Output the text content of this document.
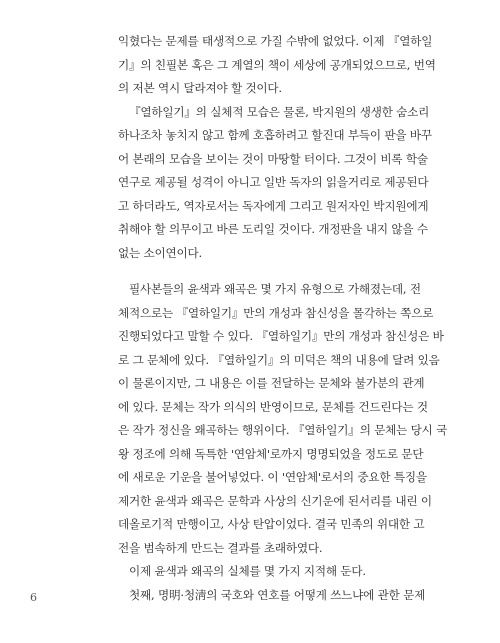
익혔다는 문제를 태생적으로 가질 수밖에 없었다. 이제 『열하일
기』의 친필본 혹은 그 계열의 책이 세상에 공개되었으므로, 번역
의 저본 역시 달라져야 할 것이다.
『열하일기』의 실체적 모습은 물론, 박지원의 생생한 숨소리
하나조차 놓치지 않고 함께 호흡하려고 할진대 부득이 판을 바꾸
어 본래의 모습을 보이는 것이 마땅할 터이다. 그것이 비록 학술
연구로 제공될 성격이 아니고 일반 독자의 읽을거리로 제공된다
고 하더라도, 역자로서는 독자에게 그리고 원저자인 박지원에게
취해야 할 의무이고 바른 도리일 것이다. 개정판을 내지 않을 수
없는 소이연이다.
필사본들의 윤색과 왜곡은 몇 가지 유형으로 가해졌는데, 전
체적으로는 『열하일기』만의 개성과 참신성을 몰각하는 쪽으로
진행되었다고 말할 수 있다. 『열하일기』만의 개성과 참신성은 바
로 그 문체에 있다. 『열하일기』의 미덕은 책의 내용에 달려 있음
이 물론이지만, 그 내용은 이를 전달하는 문체와 불가분의 관계
에 있다. 문체는 작가 의식의 반영이므로, 문체를 건드린다는 것
은 작가 정신을 왜곡하는 행위이다. 『열하일기』의 문체는 당시 국
왕 정조에 의해 독특한 '연암체'로까지 명명되었을 정도로 문단
에 새로운 기운을 불어넣었다. 이 '연암체'로서의 중요한 특징을
제거한 윤색과 왜곡은 문학과 사상의 신기운에 된서리를 내린 이
데올로기적 만행이고, 사상 탄압이었다. 결국 민족의 위대한 고
전을 범속하게 만드는 결과를 초래하였다.
이제 윤색과 왜곡의 실체를 몇 가지 지적해 둔다.
첫째, 명明·청淸의 국호와 연호를 어떻게 쓰느냐에 관한 문제
6
